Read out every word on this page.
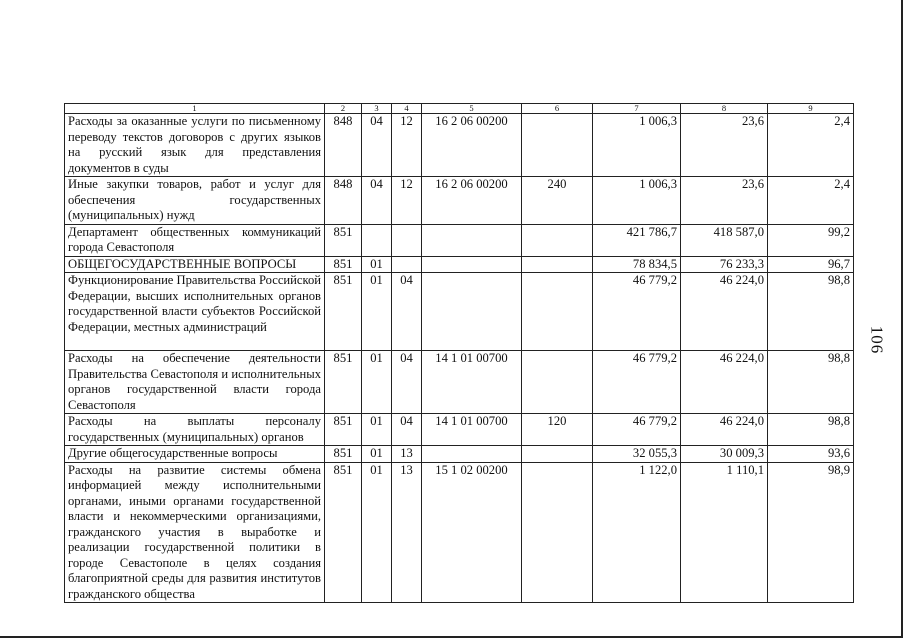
1	2	3	4	5	6	7	8	9
Расходы за оказанные услуги по письменному переводу текстов договоров с других языков на русский язык для представления документов в суды	848	04	12	16 2 06 00200		1 006,3	23,6	2,4
Иные закупки товаров, работ и услуг для обеспечения государственных (муниципальных) нужд	848	04	12	16 2 06 00200	240	1 006,3	23,6	2,4
Департамент общественных коммуникаций города Севастополя	851					421 786,7	418 587,0	99,2
ОБЩЕГОСУДАРСТВЕННЫЕ ВОПРОСЫ	851	01				78 834,5	76 233,3	96,7
Функционирование Правительства Российской Федерации, высших исполнительных органов государственной власти субъектов Российской Федерации, местных администраций	851	01	04			46 779,2	46 224,0	98,8
Расходы на обеспечение деятельности Правительства Севастополя и исполнительных органов государственной власти города Севастополя	851	01	04	14 1 01 00700		46 779,2	46 224,0	98,8
Расходы на выплаты персоналу государственных (муниципальных) органов	851	01	04	14 1 01 00700	120	46 779,2	46 224,0	98,8
Другие общегосударственные вопросы	851	01	13			32 055,3	30 009,3	93,6
Расходы на развитие системы обмена информацией между исполнительными органами, иными органами государственной власти и некоммерческими организациями, гражданского участия в выработке и реализации государственной политики в городе Севастополе в целях создания благоприятной среды для развития институтов гражданского общества	851	01	13	15 1 02 00200		1 122,0	1 110,1	98,9
106
